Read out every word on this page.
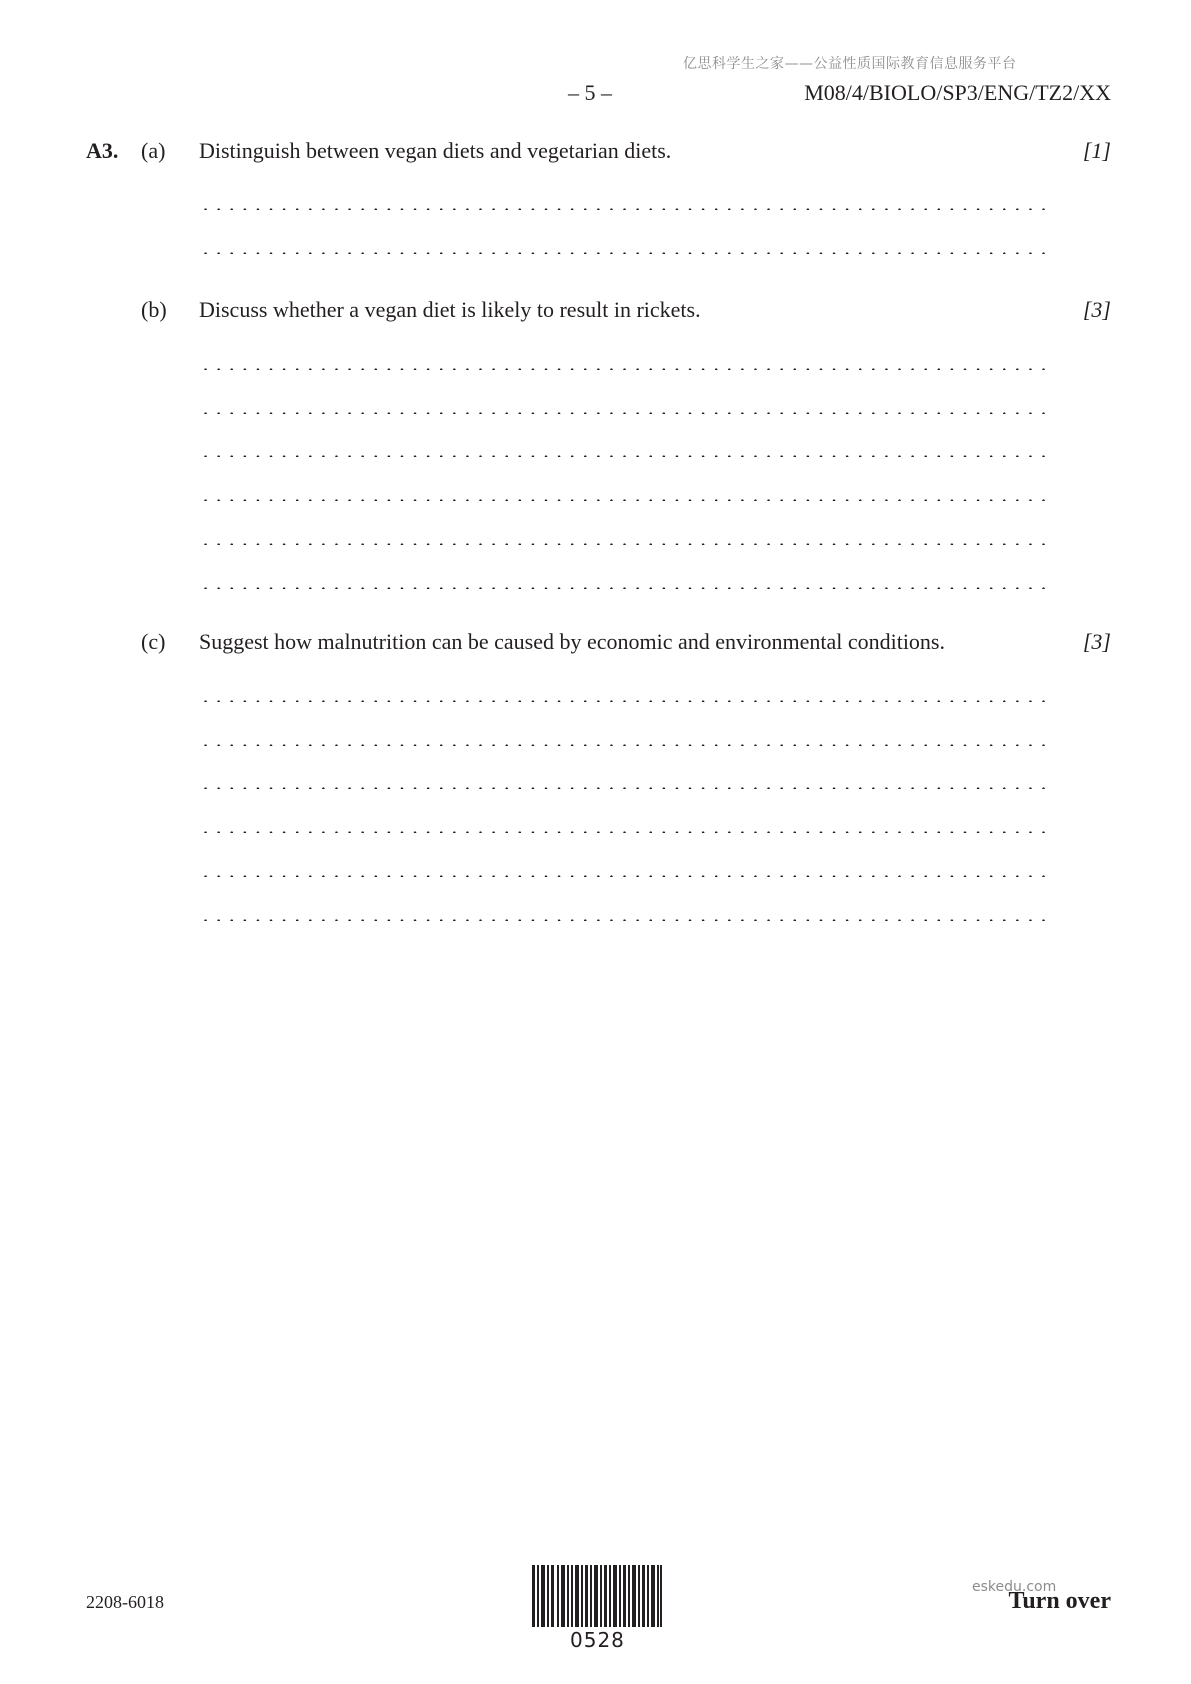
亿思科学生之家——公益性质国际教育信息服务平台
– 5 –	M08/4/BIOLO/SP3/ENG/TZ2/XX
A3. (a) Distinguish between vegan diets and vegetarian diets.	[1]
(b) Discuss whether a vegan diet is likely to result in rickets.	[3]
(c) Suggest how malnutrition can be caused by economic and environmental conditions.	[3]
2208-6018
0528
eskedu.com
Turn over
